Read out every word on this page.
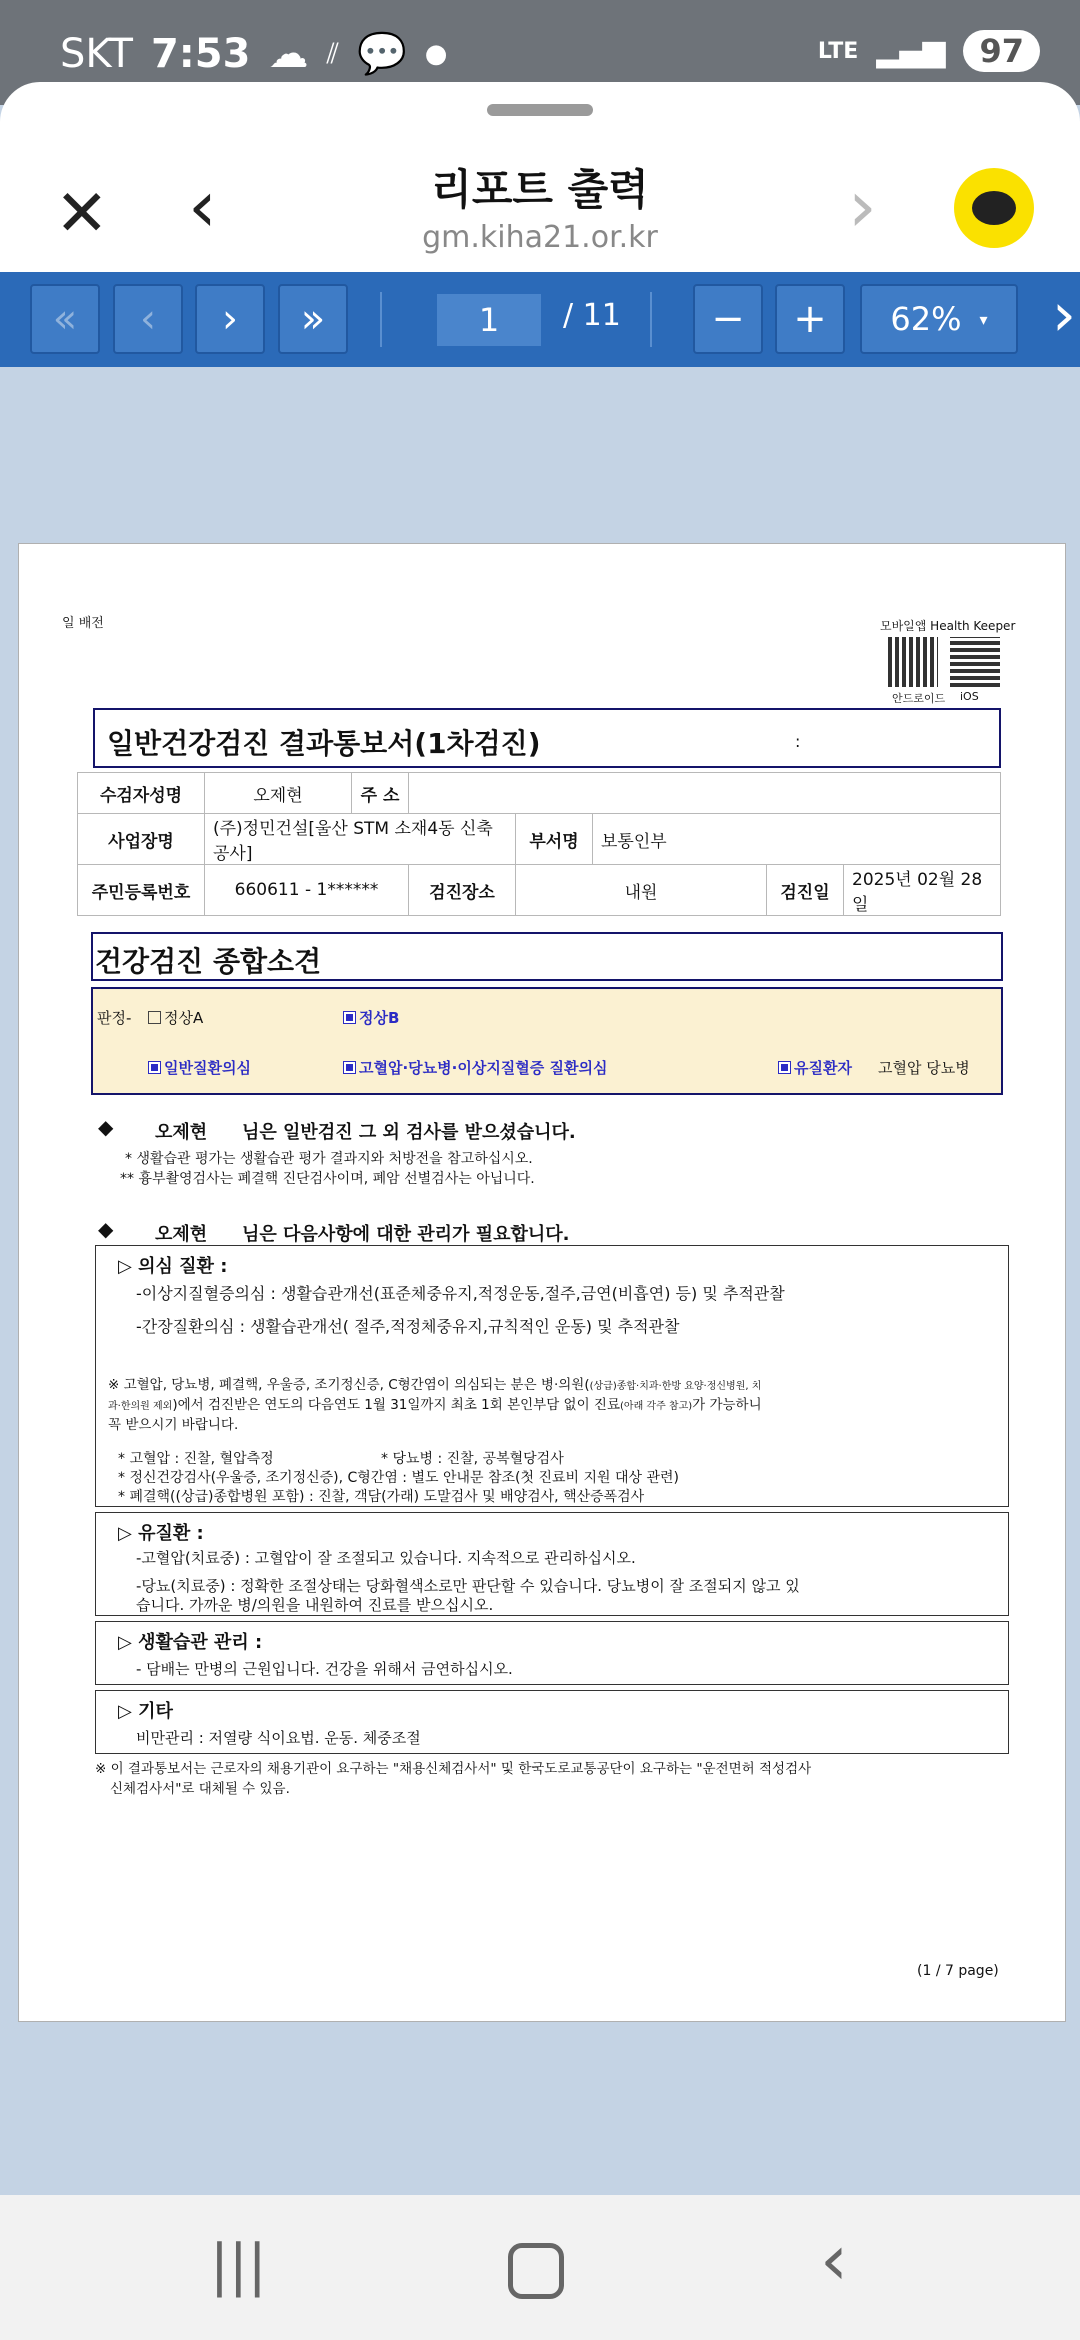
SKT 7:53 ☁ ⫽ 💬 ●	LTE ▂▄▆	97
✕ ‹	리포트 출력
gm.kiha21.or.kr	›
«	‹	›	»	1	/ 11	−	+	62% ▾ ›
일 배전	모바일앱 Health Keeper
안드로이드 iOS
일반건강검진 결과통보서(1차검진)	:
수검자성명	오제현	주 소					
사업장명	(주)정민건설[울산 STM 소재4동 신축공사]			부서명	보통인부		
주민등록번호	660611 - 1******		검진장소	내원		검진일	2025년 02월 28일
건강검진 종합소견
판정-	정상A	정상B
일반질환의심	고혈압·당뇨병·이상지질혈증 질환의심	유질환자 고혈압 당뇨병
◆ 오제현 님은 일반검진 그 외 검사를 받으셨습니다.
* 생활습관 평가는 생활습관 평가 결과지와 처방전을 참고하십시오.
** 흉부촬영검사는 폐결핵 진단검사이며, 폐암 선별검사는 아닙니다.
◆ 오제현 님은 다음사항에 대한 관리가 필요합니다.
▷ 의심 질환 :
-이상지질혈증의심 : 생활습관개선(표준체중유지,적정운동,절주,금연(비흡연) 등) 및 추적관찰
-간장질환의심 : 생활습관개선( 절주,적정체중유지,규칙적인 운동) 및 추적관찰
※ 고혈압, 당뇨병, 폐결핵, 우울증, 조기정신증, C형간염이 의심되는 분은 병·의원((상급)종합·치과·한방 요양·정신병원, 치
과·한의원 제외)에서 검진받은 연도의 다음연도 1월 31일까지 최초 1회 본인부담 없이 진료(아래 각주 참고)가 가능하니
꼭 받으시기 바랍니다.
* 고혈압 : 진찰, 혈압측정	* 당뇨병 : 진찰, 공복혈당검사
* 정신건강검사(우울증, 조기정신증), C형간염 : 별도 안내문 참조(첫 진료비 지원 대상 관련)
* 폐결핵((상급)종합병원 포함) : 진찰, 객담(가래) 도말검사 및 배양검사, 핵산증폭검사
▷ 유질환 :
-고혈압(치료중) : 고혈압이 잘 조절되고 있습니다. 지속적으로 관리하십시오.
-당뇨(치료중) : 정확한 조절상태는 당화혈색소로만 판단할 수 있습니다. 당뇨병이 잘 조절되지 않고 있
습니다. 가까운 병/의원을 내원하여 진료를 받으십시오.
▷ 생활습관 관리 :
- 담배는 만병의 근원입니다. 건강을 위해서 금연하십시오.
▷ 기타
비만관리 : 저열량 식이요법. 운동. 체중조절
※ 이 결과통보서는 근로자의 채용기관이 요구하는 "채용신체검사서" 및 한국도로교통공단이 요구하는 "운전면허 적성검사
신체검사서"로 대체될 수 있음.
(1 / 7 page)
|||	‹
